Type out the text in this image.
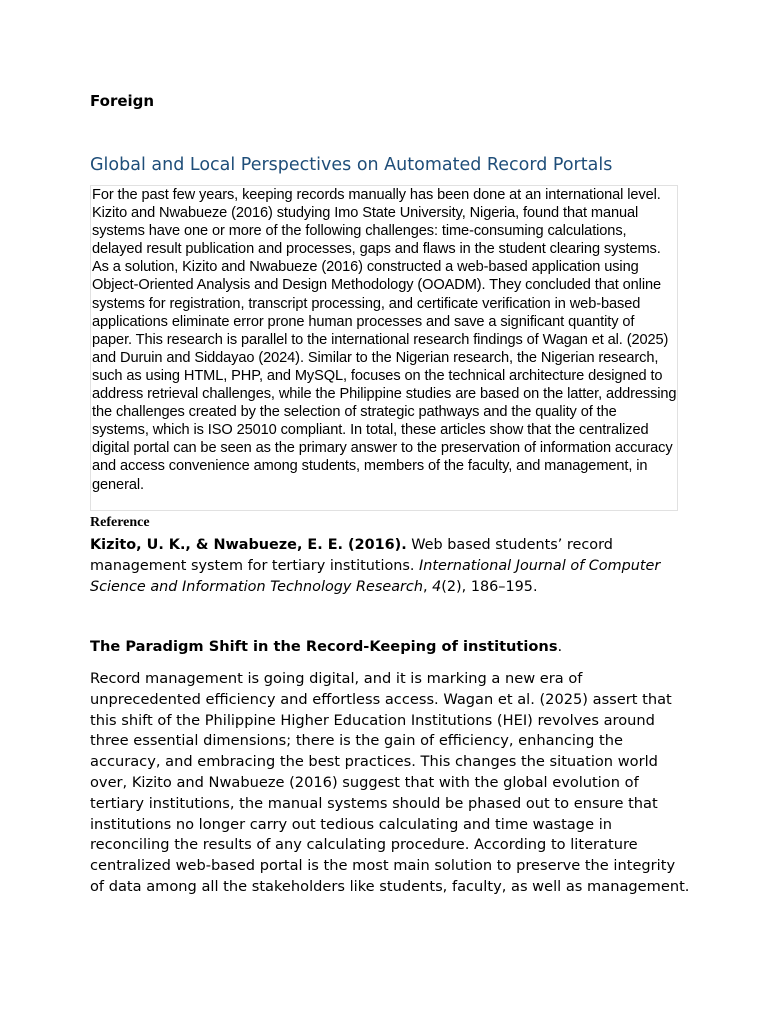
Foreign
Global and Local Perspectives on Automated Record Portals

For the past few years, keeping records manually has been done at an international level. Kizito and Nwabueze (2016) studying Imo State University, Nigeria, found that manual systems have one or more of the following challenges: time-consuming calculations, delayed result publication and processes, gaps and flaws in the student clearing systems. As a solution, Kizito and Nwabueze (2016) constructed a web-based application using Object-Oriented Analysis and Design Methodology (OOADM). They concluded that online systems for registration, transcript processing, and certificate verification in web-based applications eliminate error prone human processes and save a significant quantity of paper. This research is parallel to the international research findings of Wagan et al. (2025) and Duruin and Siddayao (2024). Similar to the Nigerian research, the Nigerian research, such as using HTML, PHP, and MySQL, focuses on the technical architecture designed to address retrieval challenges, while the Philippine studies are based on the latter, addressing the challenges created by the selection of strategic pathways and the quality of the systems, which is ISO 25010 compliant. In total, these articles show that the centralized digital portal can be seen as the primary answer to the preservation of information accuracy and access convenience among students, members of the faculty, and management, in general.

Reference

Kizito, U. K., & Nwabueze, E. E. (2016). Web based students’ record management system for tertiary institutions. International Journal of Computer Science and Information Technology Research, 4(2), 186–195.

The Paradigm Shift in the Record-Keeping of institutions.

Record management is going digital, and it is marking a new era of unprecedented efficiency and effortless access. Wagan et al. (2025) assert that this shift of the Philippine Higher Education Institutions (HEI) revolves around three essential dimensions; there is the gain of efficiency, enhancing the accuracy, and embracing the best practices. This changes the situation world over, Kizito and Nwabueze (2016) suggest that with the global evolution of tertiary institutions, the manual systems should be phased out to ensure that institutions no longer carry out tedious calculating and time wastage in reconciling the results of any calculating procedure. According to literature centralized web-based portal is the most main solution to preserve the integrity of data among all the stakeholders like students, faculty, as well as management.
